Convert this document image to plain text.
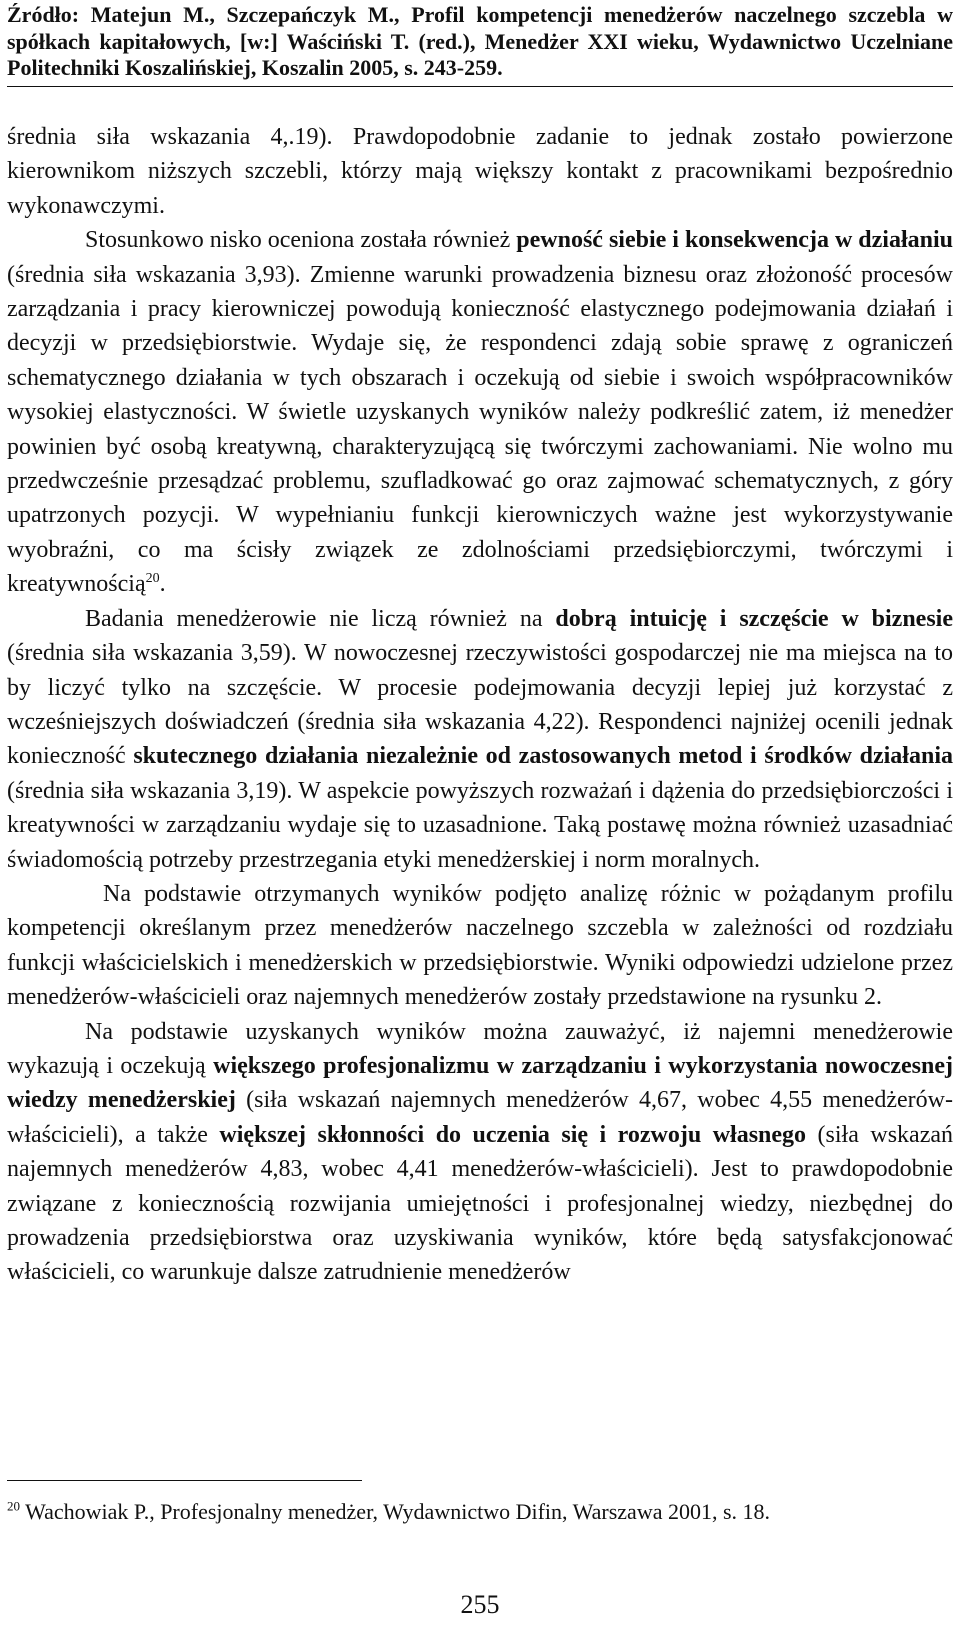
Źródło: Matejun M., Szczepańczyk M., Profil kompetencji menedżerów naczelnego szczebla w spółkach kapitałowych, [w:] Waściński T. (red.), Menedżer XXI wieku, Wydawnictwo Uczelniane Politechniki Koszalińskiej, Koszalin 2005, s. 243-259.

średnia siła wskazania 4,.19). Prawdopodobnie zadanie to jednak zostało powierzone kierownikom niższych szczebli, którzy mają większy kontakt z pracownikami bezpośrednio wykonawczymi.

Stosunkowo nisko oceniona została również pewność siebie i konsekwencja w działaniu (średnia siła wskazania 3,93). Zmienne warunki prowadzenia biznesu oraz złożoność procesów zarządzania i pracy kierowniczej powodują konieczność elastycznego podejmowania działań i decyzji w przedsiębiorstwie. Wydaje się, że respondenci zdają sobie sprawę z ograniczeń schematycznego działania w tych obszarach i oczekują od siebie i swoich współpracowników wysokiej elastyczności. W świetle uzyskanych wyników należy podkreślić zatem, iż menedżer powinien być osobą kreatywną, charakteryzującą się twórczymi zachowaniami. Nie wolno mu przedwcześnie przesądzać problemu, szufladkować go oraz zajmować schematycznych, z góry upatrzonych pozycji. W wypełnianiu funkcji kierowniczych ważne jest wykorzystywanie wyobraźni, co ma ścisły związek ze zdolnościami przedsiębiorczymi, twórczymi i kreatywnością$^{20}$.

Badania menedżerowie nie liczą również na dobrą intuicję i szczęście w biznesie (średnia siła wskazania 3,59). W nowoczesnej rzeczywistości gospodarczej nie ma miejsca na to by liczyć tylko na szczęście. W procesie podejmowania decyzji lepiej już korzystać z wcześniejszych doświadczeń (średnia siła wskazania 4,22). Respondenci najniżej ocenili jednak konieczność skutecznego działania niezależnie od zastosowanych metod i środków działania (średnia siła wskazania 3,19). W aspekcie powyższych rozważań i dążenia do przedsiębiorczości i kreatywności w zarządzaniu wydaje się to uzasadnione. Taką postawę można również uzasadniać świadomością potrzeby przestrzegania etyki menedżerskiej i norm moralnych.

Na podstawie otrzymanych wyników podjęto analizę różnic w pożądanym profilu kompetencji określanym przez menedżerów naczelnego szczebla w zależności od rozdziału funkcji właścicielskich i menedżerskich w przedsiębiorstwie. Wyniki odpowiedzi udzielone przez menedżerów-właścicieli oraz najemnych menedżerów zostały przedstawione na rysunku 2.

Na podstawie uzyskanych wyników można zauważyć, iż najemni menedżerowie wykazują i oczekują większego profesjonalizmu w zarządzaniu i wykorzystania nowoczesnej wiedzy menedżerskiej (siła wskazań najemnych menedżerów 4,67, wobec 4,55 menedżerów-właścicieli), a także większej skłonności do uczenia się i rozwoju własnego (siła wskazań najemnych menedżerów 4,83, wobec 4,41 menedżerów-właścicieli). Jest to prawdopodobnie związane z koniecznością rozwijania umiejętności i profesjonalnej wiedzy, niezbędnej do prowadzenia przedsiębiorstwa oraz uzyskiwania wyników, które będą satysfakcjonować właścicieli, co warunkuje dalsze zatrudnienie menedżerów

$^{20}$ Wachowiak P., Profesjonalny menedżer, Wydawnictwo Difin, Warszawa 2001, s. 18.
255
